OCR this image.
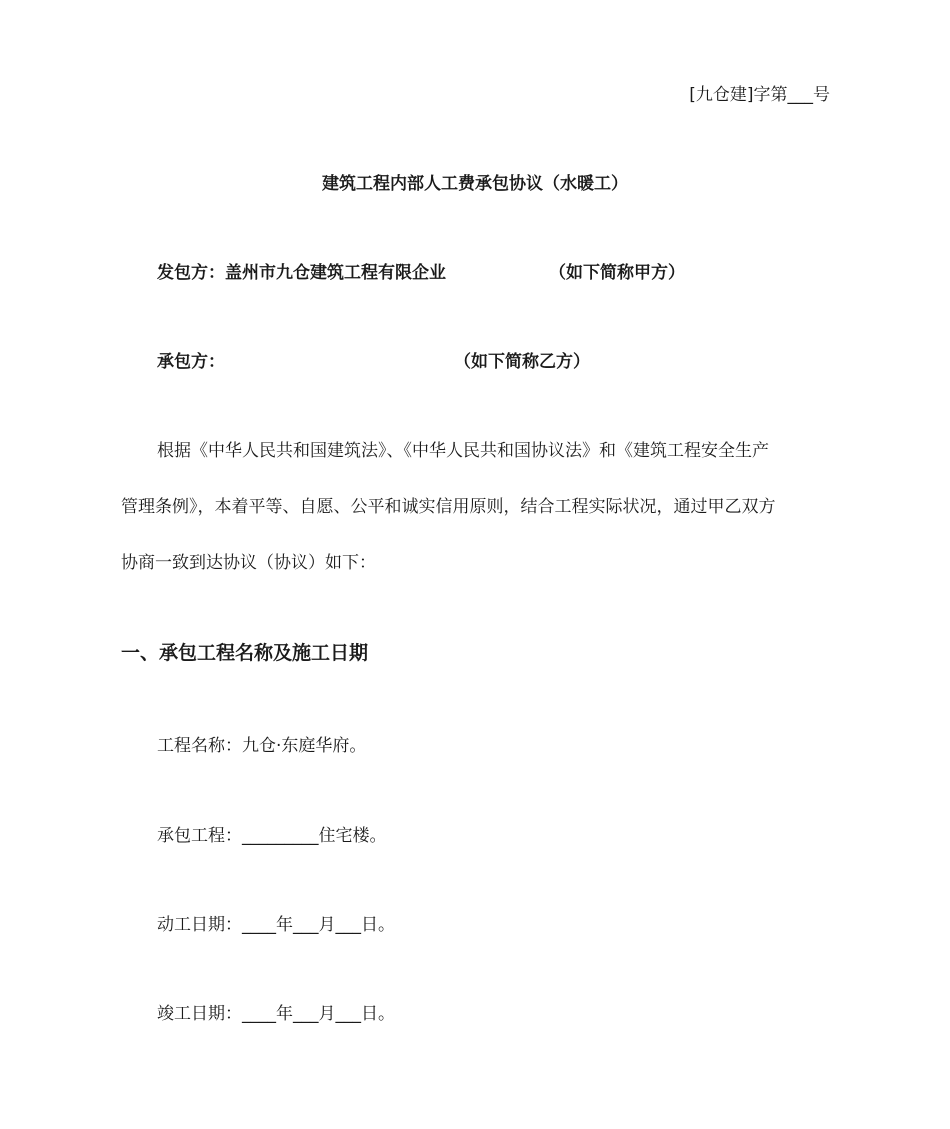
[九仓建]字第___号
建筑工程内部人工费承包协议（水暖工）
发包方：盖州市九仓建筑工程有限企业	（如下简称甲方）
承包方：	（如下简称乙方）
根据《中华人民共和国建筑法》、《中华人民共和国协议法》和《建筑工程安全生产
管理条例》，本着平等、自愿、公平和诚实信用原则，结合工程实际状况，通过甲乙双方
协商一致到达协议（协议）如下：
一、承包工程名称及施工日期
工程名称：九仓·东庭华府。
承包工程：_________住宅楼。
动工日期：____年___月___日。
竣工日期：____年___月___日。
